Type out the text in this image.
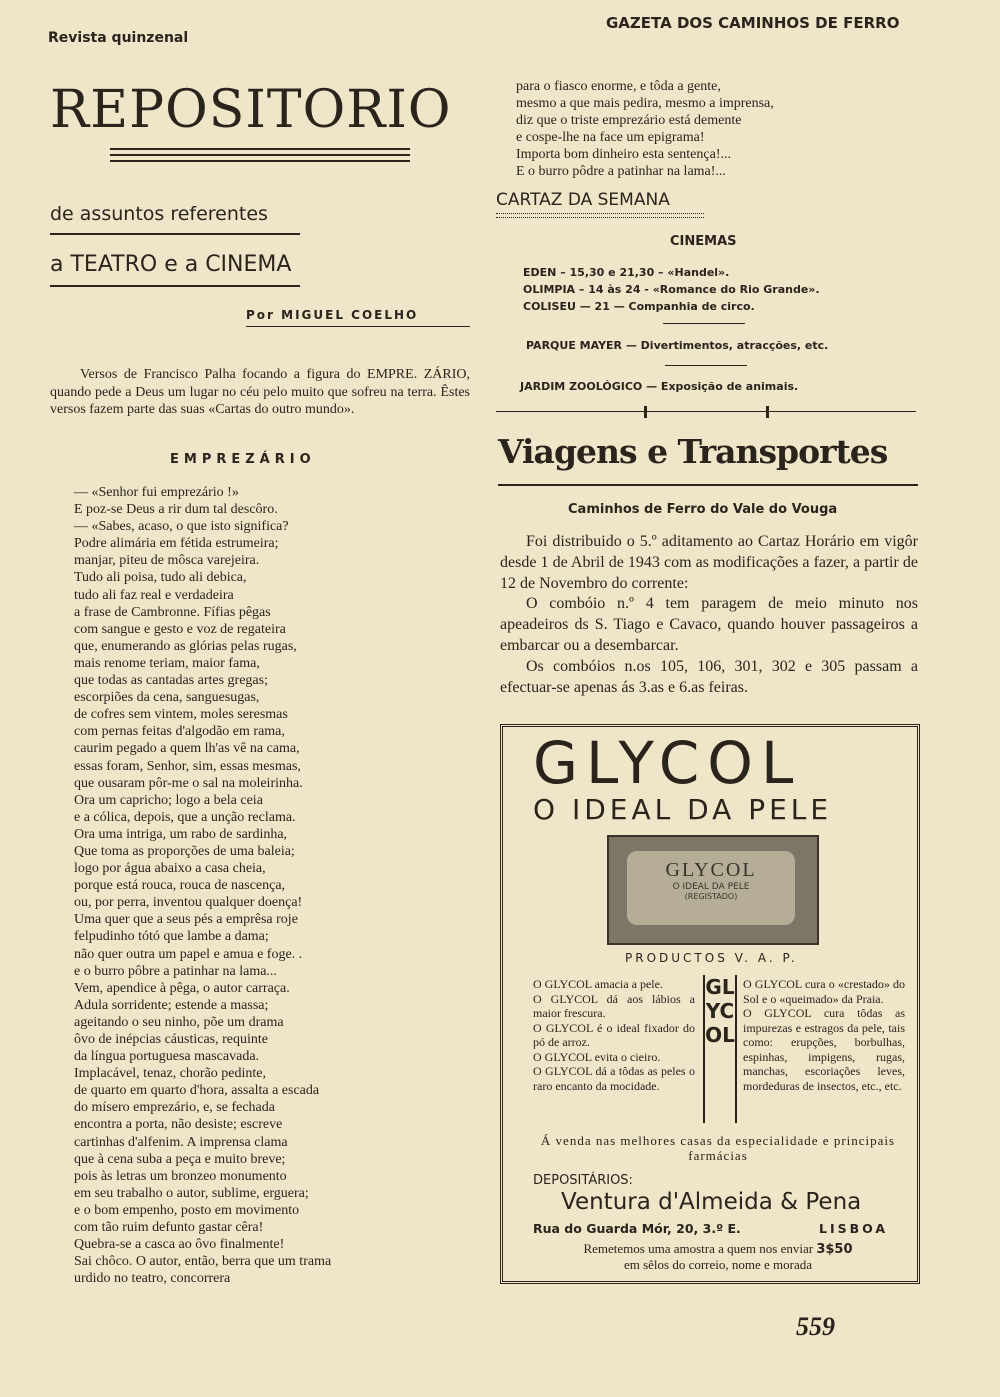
Revista quinzenal
GAZETA DOS CAMINHOS DE FERRO
REPOSITORIO
de assuntos referentes
a TEATRO e a CINEMA
Por MIGUEL COELHO
Versos de Francisco Palha focando a figura do EMPRE. ZÁRIO, quando pede a Deus um lugar no céu pelo muito que sofreu na terra. Êstes versos fazem parte das suas «Cartas do outro mundo».
EMPREZÁRIO
— «Senhor fui emprezário !»
E poz-se Deus a rir dum tal descôro.
— «Sabes, acaso, o que isto significa?
Podre alimária em fétida estrumeira;
manjar, piteu de môsca varejeira.
Tudo ali poisa, tudo ali debica,
tudo ali faz real e verdadeira
a frase de Cambronne. Fífias pêgas
com sangue e gesto e voz de regateira
que, enumerando as glórias pelas rugas,
mais renome teriam, maior fama,
que todas as cantadas artes gregas;
escorpiões da cena, sanguesugas,
de cofres sem vintem, moles seresmas
com pernas feitas d'algodão em rama,
caurim pegado a quem lh'as vê na cama,
essas foram, Senhor, sim, essas mesmas,
que ousaram pôr-me o sal na moleirinha.
Ora um capricho; logo a bela ceia
e a cólica, depois, que a unção reclama.
Ora uma intriga, um rabo de sardinha,
Que toma as proporções de uma baleia;
logo por água abaixo a casa cheia,
porque está rouca, rouca de nascença,
ou, por perra, inventou qualquer doença!
Uma quer que a seus pés a emprêsa roje
felpudinho tótó que lambe a dama;
não quer outra um papel e amua e foge. .
e o burro pôbre a patinhar na lama...
Vem, apendice à pêga, o autor carraça.
Adula sorridente; estende a massa;
ageitando o seu ninho, põe um drama
ôvo de inépcias cáusticas, requinte
da língua portuguesa mascavada.
Implacável, tenaz, chorão pedinte,
de quarto em quarto d'hora, assalta a escada
do mísero emprezário, e, se fechada
encontra a porta, não desiste; escreve
cartinhas d'alfenim. A imprensa clama
que à cena suba a peça e muito breve;
pois às letras um bronzeo monumento
em seu trabalho o autor, sublime, erguera;
e o bom empenho, posto em movimento
com tão ruim defunto gastar cêra!
Quebra-se a casca ao ôvo finalmente!
Sai chôco. O autor, então, berra que um trama
urdido no teatro, concorrera
para o fiasco enorme, e tôda a gente,
mesmo a que mais pedira, mesmo a imprensa,
diz que o triste emprezário está demente
e cospe-lhe na face um epigrama!
Importa bom dinheiro esta sentença!...
E o burro pôdre a patinhar na lama!...
CARTAZ DA SEMANA
CINEMAS
EDEN – 15,30 e 21,30 – «Handel».
OLIMPIA – 14 às 24 - «Romance do Rio Grande».
COLISEU — 21 — Companhia de circo.
PARQUE MAYER — Divertimentos, atracções, etc.
JARDIM ZOOLÓGICO — Exposição de animais.
Viagens e Transportes
Caminhos de Ferro do Vale do Vouga
Foi distribuido o 5.º aditamento ao Cartaz Horário em vigôr desde 1 de Abril de 1943 com as modificações a fazer, a partir de 12 de Novembro do corrente:
O combóio n.º 4 tem paragem de meio minuto nos apeadeiros ds S. Tiago e Cavaco, quando houver passageiros a embarcar ou a desembarcar.
Os combóios n.os 105, 106, 301, 302 e 305 passam a efectuar-se apenas ás 3.as e 6.as feiras.
GLYCOL
O IDEAL DA PELE
GLYCOL
O IDEAL DA PELE
(REGISTADO)
PRODUCTOS V. A. P.
O GLYCOL amacia a pele.
O GLYCOL dá aos lábios a maior frescura.
O GLYCOL é o ideal fixador do pó de arroz.
O GLYCOL evita o cieiro.
O GLYCOL dá a tôdas as peles o raro encanto da mocidade.
GLYCOL
O GLYCOL cura o «crestado» do Sol e o «queimado» da Praia.
O GLYCOL cura tôdas as impurezas e estragos da pele, tais como: erupções, borbulhas, espinhas, impigens, rugas, manchas, escoriações leves, mordeduras de insectos, etc., etc.
Á venda nas melhores casas da especialidade e principais farmácias
DEPOSITÁRIOS:
Ventura d'Almeida & Pena
Rua do Guarda Mór, 20, 3.º E.	LISBOA
Remetemos uma amostra a quem nos enviar 3$50
em sêlos do correio, nome e morada
559
